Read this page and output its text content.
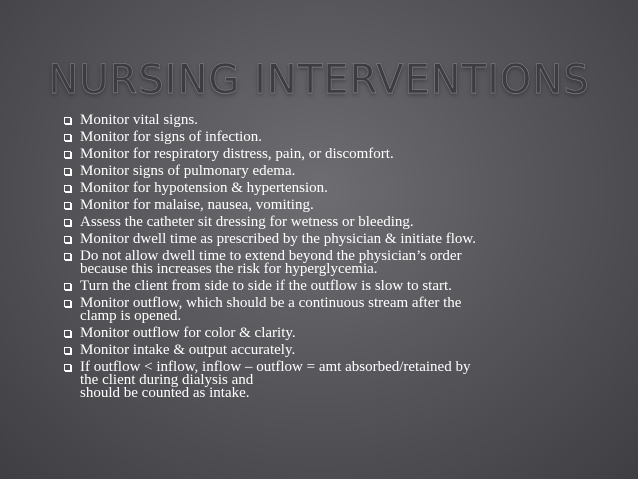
NURSING INTERVENTIONS
Monitor vital signs.
Monitor for signs of infection.
Monitor for respiratory distress, pain, or discomfort.
Monitor signs of pulmonary edema.
Monitor for hypotension & hypertension.
Monitor for malaise, nausea, vomiting.
Assess the catheter sit dressing for wetness or bleeding.
Monitor dwell time as prescribed by the physician & initiate flow.
Do not allow dwell time to extend beyond the physician’s order
because this increases the risk for hyperglycemia.
Turn the client from side to side if the outflow is slow to start.
Monitor outflow, which should be a continuous stream after the
clamp is opened.
Monitor outflow for color & clarity.
Monitor intake & output accurately.
If outflow < inflow, inflow – outflow = amt absorbed/retained by
the client during dialysis and
should be counted as intake.
